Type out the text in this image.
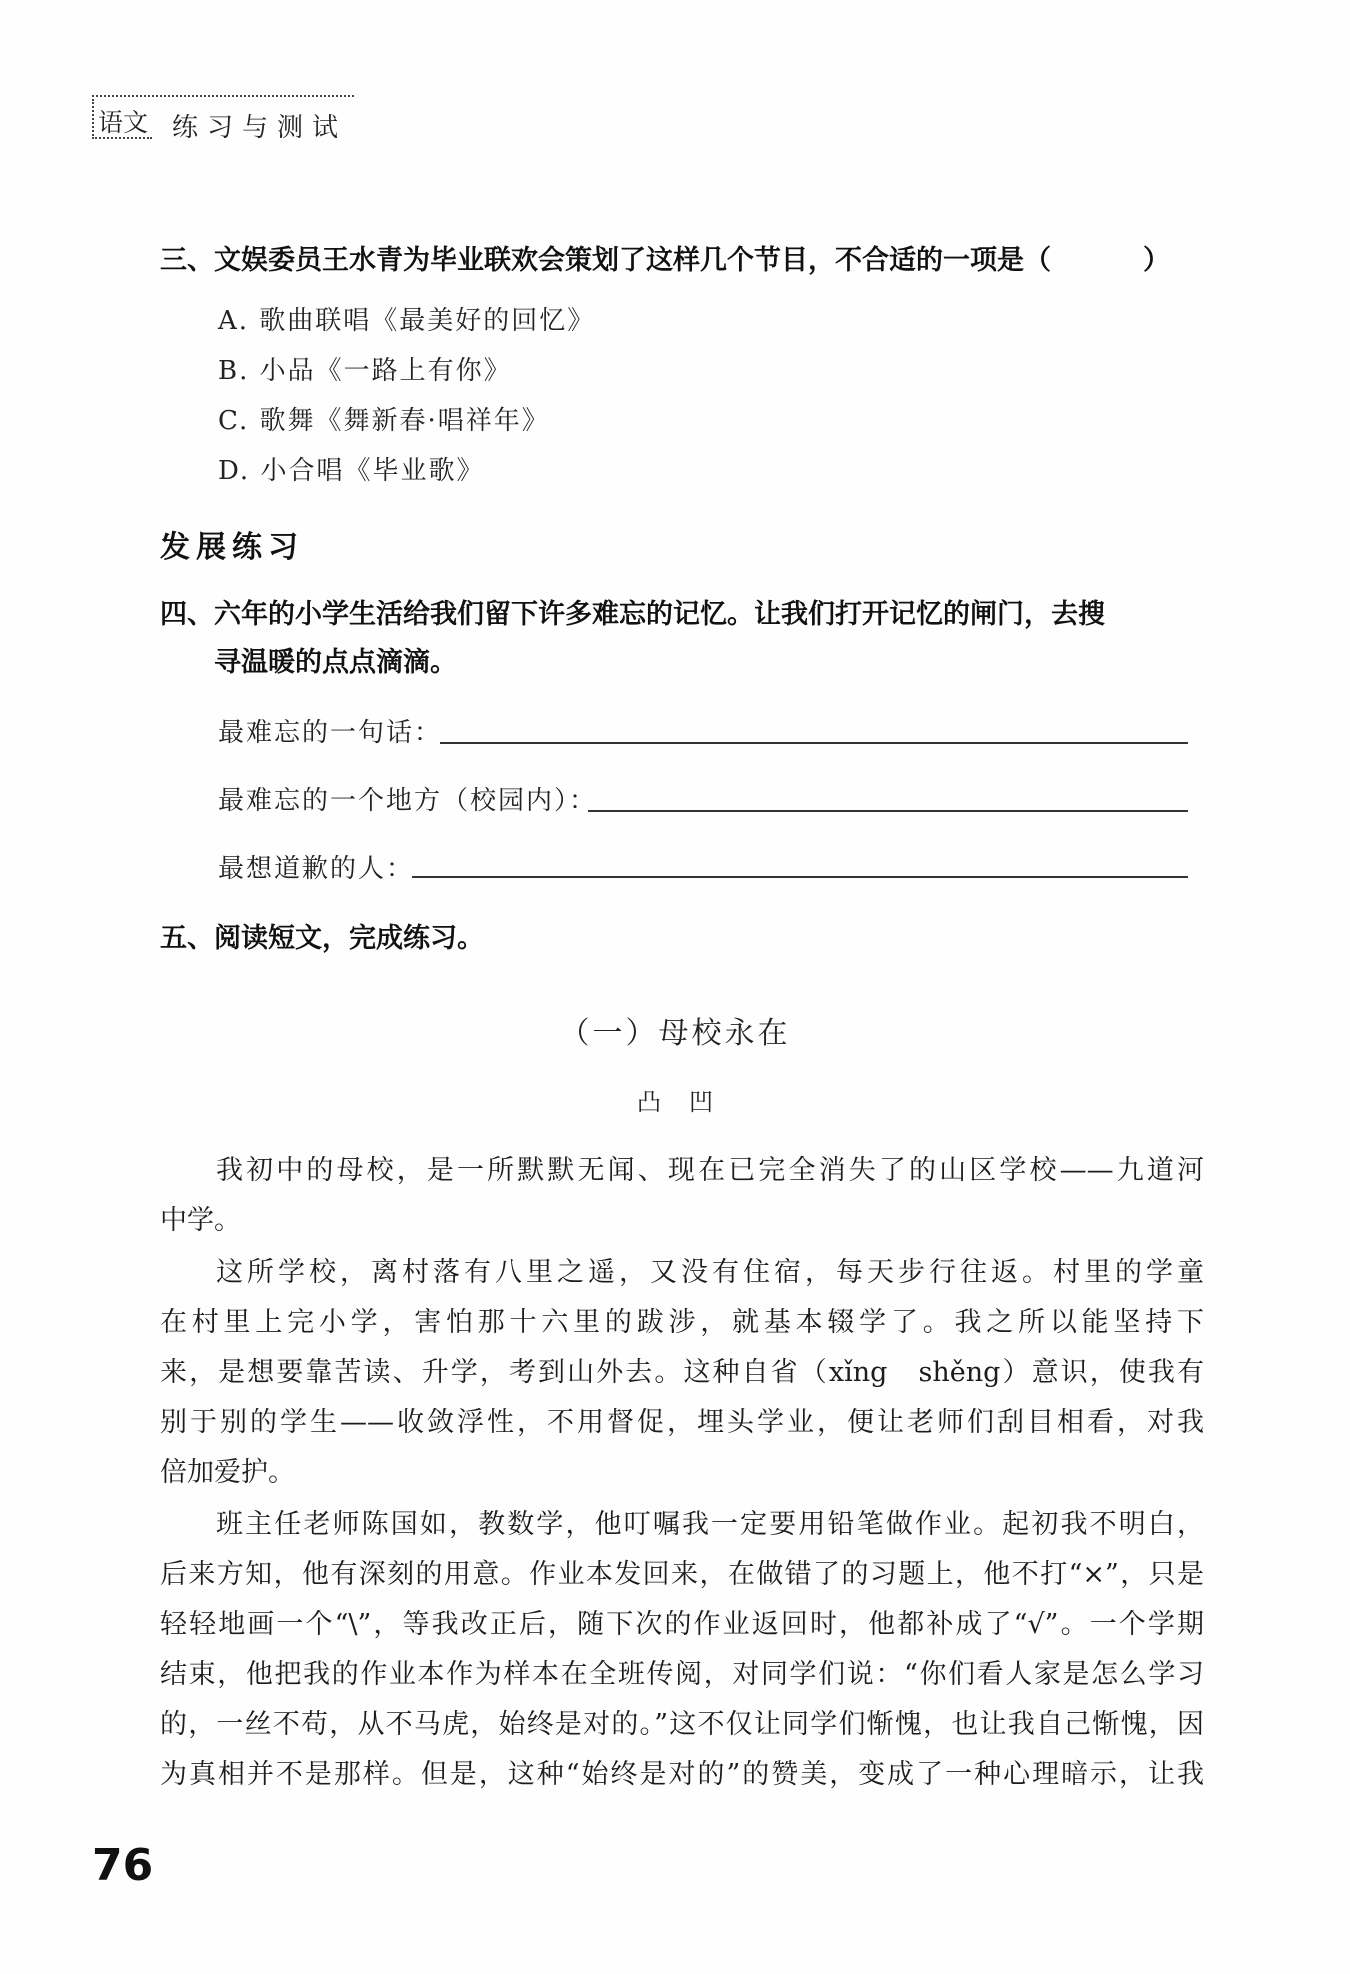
语文 练习与测试
三、文娱委员王水青为毕业联欢会策划了这样几个节目，不合适的一项是（	）
A. 歌曲联唱《最美好的回忆》
B. 小品《一路上有你》
C. 歌舞《舞新春·唱祥年》
D. 小合唱《毕业歌》
发展练习
四、六年的小学生活给我们留下许多难忘的记忆。让我们打开记忆的闸门，去搜
寻温暖的点点滴滴。
最难忘的一句话：
最难忘的一个地方（校园内）：
最想道歉的人：
五、阅读短文，完成练习。
（一）母校永在
凸凹
我初中的母校，是一所默默无闻、现在已完全消失了的山区学校——九道河
中学。
这所学校，离村落有八里之遥，又没有住宿，每天步行往返。村里的学童
在村里上完小学，害怕那十六里的跋涉，就基本辍学了。我之所以能坚持下
来，是想要靠苦读、升学，考到山外去。这种自省（xǐng　shěng）意识，使我有
别于别的学生——收敛浮性，不用督促，埋头学业，便让老师们刮目相看，对我
倍加爱护。
班主任老师陈国如，教数学，他叮嘱我一定要用铅笔做作业。起初我不明白，
后来方知，他有深刻的用意。作业本发回来，在做错了的习题上，他不打“×”，只是
轻轻地画一个“\”，等我改正后，随下次的作业返回时，他都补成了“√”。一个学期
结束，他把我的作业本作为样本在全班传阅，对同学们说：“你们看人家是怎么学习
的，一丝不苟，从不马虎，始终是对的。”这不仅让同学们惭愧，也让我自己惭愧，因
为真相并不是那样。但是，这种“始终是对的”的赞美，变成了一种心理暗示，让我
76
